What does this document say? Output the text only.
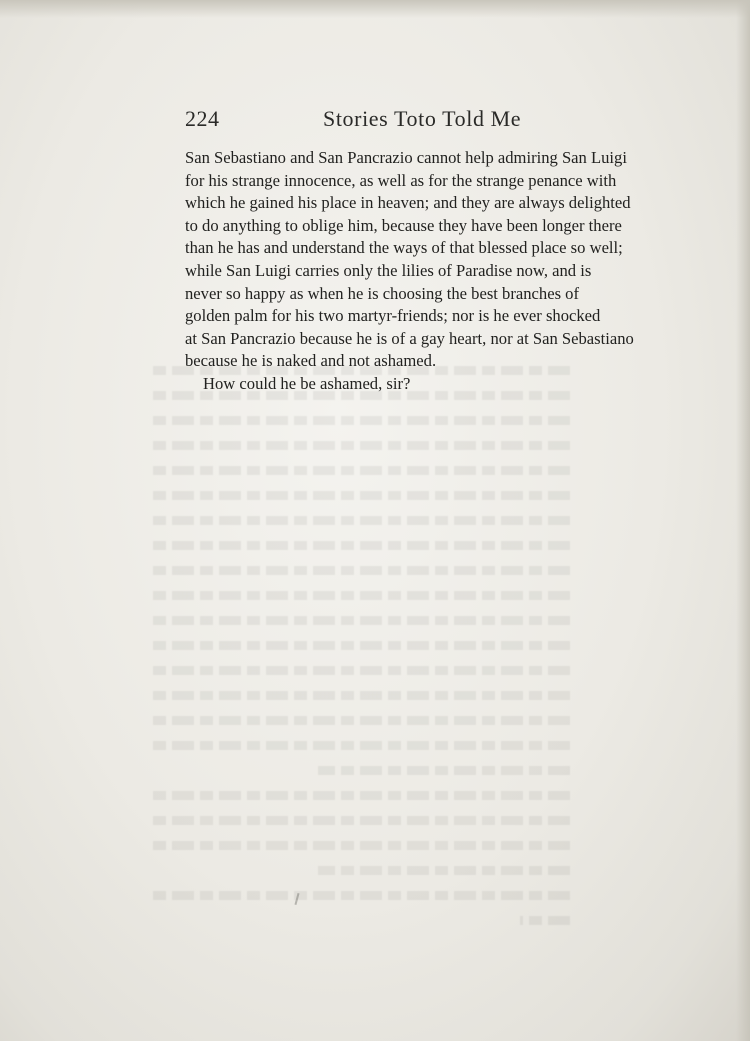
224	Stories Toto Told Me
San Sebastiano and San Pancrazio cannot help admiring San Luigi
for his strange innocence, as well as for the strange penance with
which he gained his place in heaven; and they are always delighted
to do anything to oblige him, because they have been longer there
than he has and understand the ways of that blessed place so well;
while San Luigi carries only the lilies of Paradise now, and is
never so happy as when he is choosing the best branches of
golden palm for his two martyr-friends; nor is he ever shocked
at San Pancrazio because he is of a gay heart, nor at San Sebastiano
because he is naked and not ashamed.
How could he be ashamed, sir?
